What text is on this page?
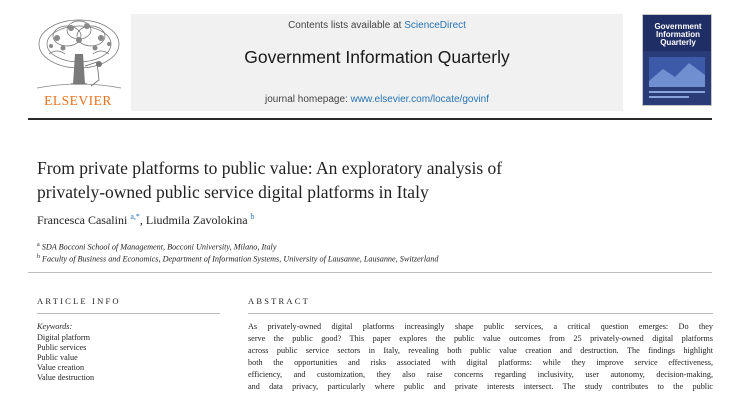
ELSEVIER
Contents lists available at ScienceDirect
Government Information Quarterly
journal homepage: www.elsevier.com/locate/govinf
Government
Information
Quarterly
From private platforms to public value: An exploratory analysis of
privately-owned public service digital platforms in Italy
Francesca Casalini $^{a,*}$, Liudmila Zavolokina $^b$
$^a$ SDA Bocconi School of Management, Bocconi University, Milano, Italy
$^b$ Faculty of Business and Economics, Department of Information Systems, University of Lausanne, Lausanne, Switzerland
ARTICLE INFO
Keywords:
Digital platform
Public services
Public value
Value creation
Value destruction
ABSTRACT
As privately-owned digital platforms increasingly shape public services, a critical question emerges: Do they
serve the public good? This paper explores the public value outcomes from 25 privately-owned digital platforms
across public service sectors in Italy, revealing both public value creation and destruction. The findings highlight
both the opportunities and risks associated with digital platforms: while they improve service effectiveness,
efficiency, and customization, they also raise concerns regarding inclusivity, user autonomy, decision-making,
and data privacy, particularly where public and private interests intersect. The study contributes to the public
